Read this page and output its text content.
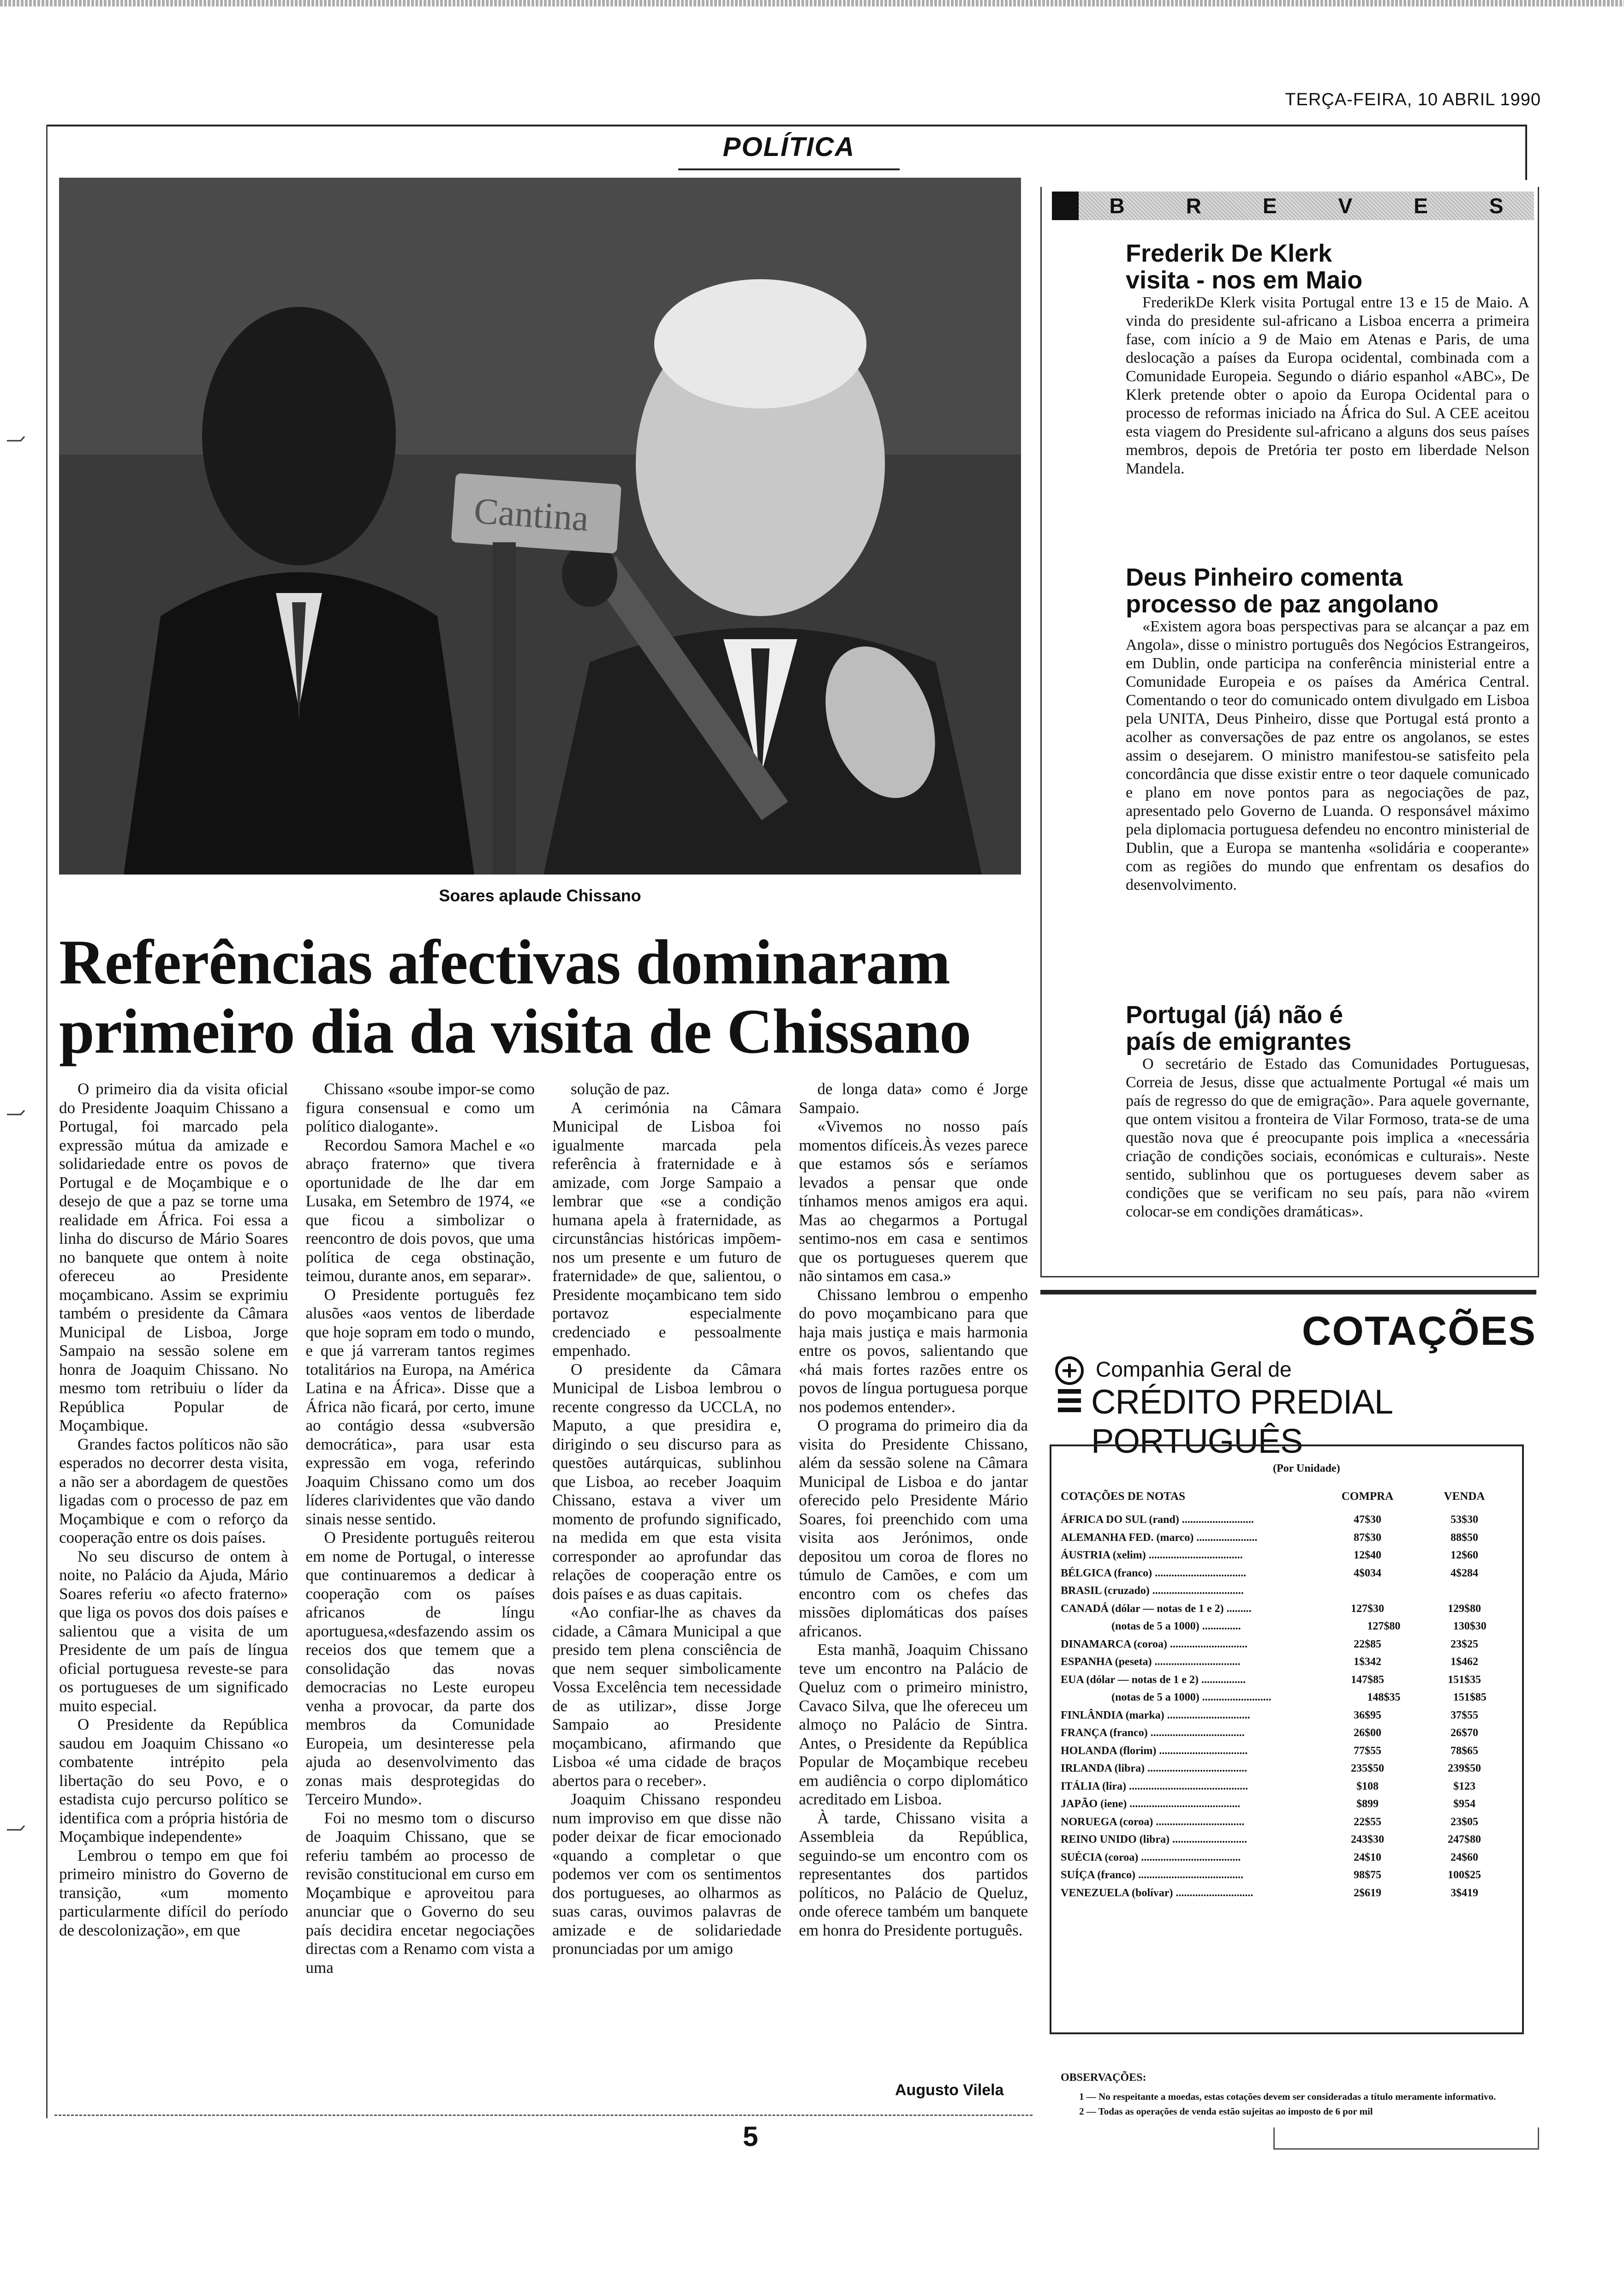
TERÇA-FEIRA, 10 ABRIL 1990
POLÍTICA
Cantina
Soares aplaude Chissano
Referências afectivas dominaram
primeiro dia da visita de Chissano

O primeiro dia da visita oficial do Presidente Joaquim Chissano a Portugal, foi marcado pela expressão mútua da amizade e solidariedade entre os povos de Portugal e de Moçambique e o desejo de que a paz se torne uma realidade em África. Foi essa a linha do discurso de Mário Soares no banquete que ontem à noite ofereceu ao Presidente moçambicano. Assim se exprimiu também o presidente da Câmara Municipal de Lisboa, Jorge Sampaio na sessão solene em honra de Joaquim Chissano. No mesmo tom retribuiu o líder da República Popular de Moçambique.

Grandes factos políticos não são esperados no decorrer desta visita, a não ser a abordagem de questões ligadas com o processo de paz em Moçambique e com o reforço da cooperação entre os dois países.

No seu discurso de ontem à noite, no Palácio da Ajuda, Mário Soares referiu «o afecto fraterno» que liga os povos dos dois países e salientou que a visita de um Presidente de um país de língua oficial portuguesa reveste-se para os portugueses de um significado muito especial.

O Presidente da República saudou em Joaquim Chissano «o combatente intrépito pela libertação do seu Povo, e o estadista cujo percurso político se identifica com a própria história de Moçambique independente»

Lembrou o tempo em que foi primeiro ministro do Governo de transição, «um momento particularmente difícil do período de descolonização», em que

Chissano «soube impor-se como figura consensual e como um político dialogante».

Recordou Samora Machel e «o abraço fraterno» que tivera oportunidade de lhe dar em Lusaka, em Setembro de 1974, «e que ficou a simbolizar o reencontro de dois povos, que uma política de cega obstinação, teimou, durante anos, em separar».

O Presidente português fez alusões «aos ventos de liberdade que hoje sopram em todo o mundo, e que já varreram tantos regimes totalitários na Europa, na América Latina e na África». Disse que a África não ficará, por certo, imune ao contágio dessa «subversão democrática», para usar esta expressão em voga, referindo Joaquim Chissano como um dos líderes clarividentes que vão dando sinais nesse sentido.

O Presidente português reiterou em nome de Portugal, o interesse que continuaremos a dedicar à cooperação com os países africanos de língu aportuguesa,«desfazendo assim os receios dos que temem que a consolidação das novas democracias no Leste europeu venha a provocar, da parte dos membros da Comunidade Europeia, um desinteresse pela ajuda ao desenvolvimento das zonas mais desprotegidas do Terceiro Mundo».

Foi no mesmo tom o discurso de Joaquim Chissano, que se referiu também ao processo de revisão constitucional em curso em Moçambique e aproveitou para anunciar que o Governo do seu país decidira encetar negociações directas com a Renamo com vista a uma

solução de paz.

A cerimónia na Câmara Municipal de Lisboa foi igualmente marcada pela referência à fraternidade e à amizade, com Jorge Sampaio a lembrar que «se a condição humana apela à fraternidade, as circunstâncias históricas impõem-nos um presente e um futuro de fraternidade» de que, salientou, o Presidente moçambicano tem sido portavoz especialmente credenciado e pessoalmente empenhado.

O presidente da Câmara Municipal de Lisboa lembrou o recente congresso da UCCLA, no Maputo, a que presidira e, dirigindo o seu discurso para as questões autárquicas, sublinhou que Lisboa, ao receber Joaquim Chissano, estava a viver um momento de profundo significado, na medida em que esta visita corresponder ao aprofundar das relações de cooperação entre os dois países e as duas capitais.

«Ao confiar-lhe as chaves da cidade, a Câmara Municipal a que presido tem plena consciência de que nem sequer simbolicamente Vossa Excelência tem necessidade de as utilizar», disse Jorge Sampaio ao Presidente moçambicano, afirmando que Lisboa «é uma cidade de braços abertos para o receber».

Joaquim Chissano respondeu num improviso em que disse não poder deixar de ficar emocionado «quando a completar o que podemos ver com os sentimentos dos portugueses, ao olharmos as suas caras, ouvimos palavras de amizade e de solidariedade pronunciadas por um amigo

de longa data» como é Jorge Sampaio.

«Vivemos no nosso país momentos difíceis.Às vezes parece que estamos sós e seríamos levados a pensar que onde tínhamos menos amigos era aqui. Mas ao chegarmos a Portugal sentimo-nos em casa e sentimos que os portugueses querem que não sintamos em casa.»

Chissano lembrou o empenho do povo moçambicano para que haja mais justiça e mais harmonia entre os povos, salientando que «há mais fortes razões entre os povos de língua portuguesa porque nos podemos entender».

O programa do primeiro dia da visita do Presidente Chissano, além da sessão solene na Câmara Municipal de Lisboa e do jantar oferecido pelo Presidente Mário Soares, foi preenchido com uma visita aos Jerónimos, onde depositou um coroa de flores no túmulo de Camões, e com um encontro com os chefes das missões diplomáticas dos países africanos.

Esta manhã, Joaquim Chissano teve um encontro na Palácio de Queluz com o primeiro ministro, Cavaco Silva, que lhe ofereceu um almoço no Palácio de Sintra. Antes, o Presidente da República Popular de Moçambique recebeu em audiência o corpo diplomático acreditado em Lisboa.

À tarde, Chissano visita a Assembleia da República, seguindo-se um encontro com os representantes dos partidos políticos, no Palácio de Queluz, onde oferece também um banquete em honra do Presidente português.

Augusto Vilela
B	R	E	V	E	S
Frederik De Klerk
visita - nos em Maio

FrederikDe Klerk visita Portugal entre 13 e 15 de Maio. A vinda do presidente sul-africano a Lisboa encerra a primeira fase, com início a 9 de Maio em Atenas e Paris, de uma deslocação a países da Europa ocidental, combinada com a Comunidade Europeia. Segundo o diário espanhol «ABC», De Klerk pretende obter o apoio da Europa Ocidental para o processo de reformas iniciado na África do Sul. A CEE aceitou esta viagem do Presidente sul-africano a alguns dos seus países membros, depois de Pretória ter posto em liberdade Nelson Mandela.

Deus Pinheiro comenta
processo de paz angolano

«Existem agora boas perspectivas para se alcançar a paz em Angola», disse o ministro português dos Negócios Estrangeiros, em Dublin, onde participa na conferência ministerial entre a Comunidade Europeia e os países da América Central. Comentando o teor do comunicado ontem divulgado em Lisboa pela UNITA, Deus Pinheiro, disse que Portugal está pronto a acolher as conversações de paz entre os angolanos, se estes assim o desejarem. O ministro manifestou-se satisfeito pela concordância que disse existir entre o teor daquele comunicado e plano em nove pontos para as negociações de paz, apresentado pelo Governo de Luanda. O responsável máximo pela diplomacia portuguesa defendeu no encontro ministerial de Dublin, que a Europa se mantenha «solidária e cooperante» com as regiões do mundo que enfrentam os desafios do desenvolvimento.

Portugal (já) não é
país de emigrantes

O secretário de Estado das Comunidades Portuguesas, Correia de Jesus, disse que actualmente Portugal «é mais um país de regresso do que de emigração». Para aquele governante, que ontem visitou a fronteira de Vilar Formoso, trata-se de uma questão nova que é preocupante pois implica a «necessária criação de condições sociais, económicas e culturais». Neste sentido, sublinhou que os portugueses devem saber as condições que se verificam no seu país, para não «virem colocar-se em condições dramáticas».

COTAÇÕES
Companhia Geral de
CRÉDITO PREDIAL PORTUGUÊS
(Por Unidade)
COTAÇÕES DE NOTAS	COMPRA	VENDA
ÁFRICA DO SUL (rand) ..........................	47$30	53$30
ALEMANHA FED. (marco) ......................	87$30	88$50
ÁUSTRIA (xelim) ..................................	12$40	12$60
BÉLGICA (franco) .................................	4$034	4$284
BRASIL (cruzado) .................................
CANADÁ (dólar — notas de 1 e 2) .........	127$30	129$80
(notas de 5 a 1000) ..............	127$80	130$30
DINAMARCA (coroa) ............................	22$85	23$25
ESPANHA (peseta) ...............................	1$342	1$462
EUA (dólar — notas de 1 e 2) ................	147$85	151$35
(notas de 5 a 1000) .........................	148$35	151$85
FINLÂNDIA (marka) ..............................	36$95	37$55
FRANÇA (franco) ..................................	26$00	26$70
HOLANDA (florim) ................................	77$55	78$65
IRLANDA (libra) ....................................	235$50	239$50
ITÁLIA (lira) ...........................................	$108	$123
JAPÃO (iene) ........................................	$899	$954
NORUEGA (coroa) ................................	22$55	23$05
REINO UNIDO (libra) ...........................	243$30	247$80
SUÉCIA (coroa) ....................................	24$10	24$60
SUÍÇA (franco) ......................................	98$75	100$25
VENEZUELA (bolívar) ............................	2$619	3$419
OBSERVAÇÕES:
1 — No respeitante a moedas, estas cotações devem ser consideradas a título meramente informativo.
2 — Todas as operações de venda estão sujeitas ao imposto de 6 por mil
5
